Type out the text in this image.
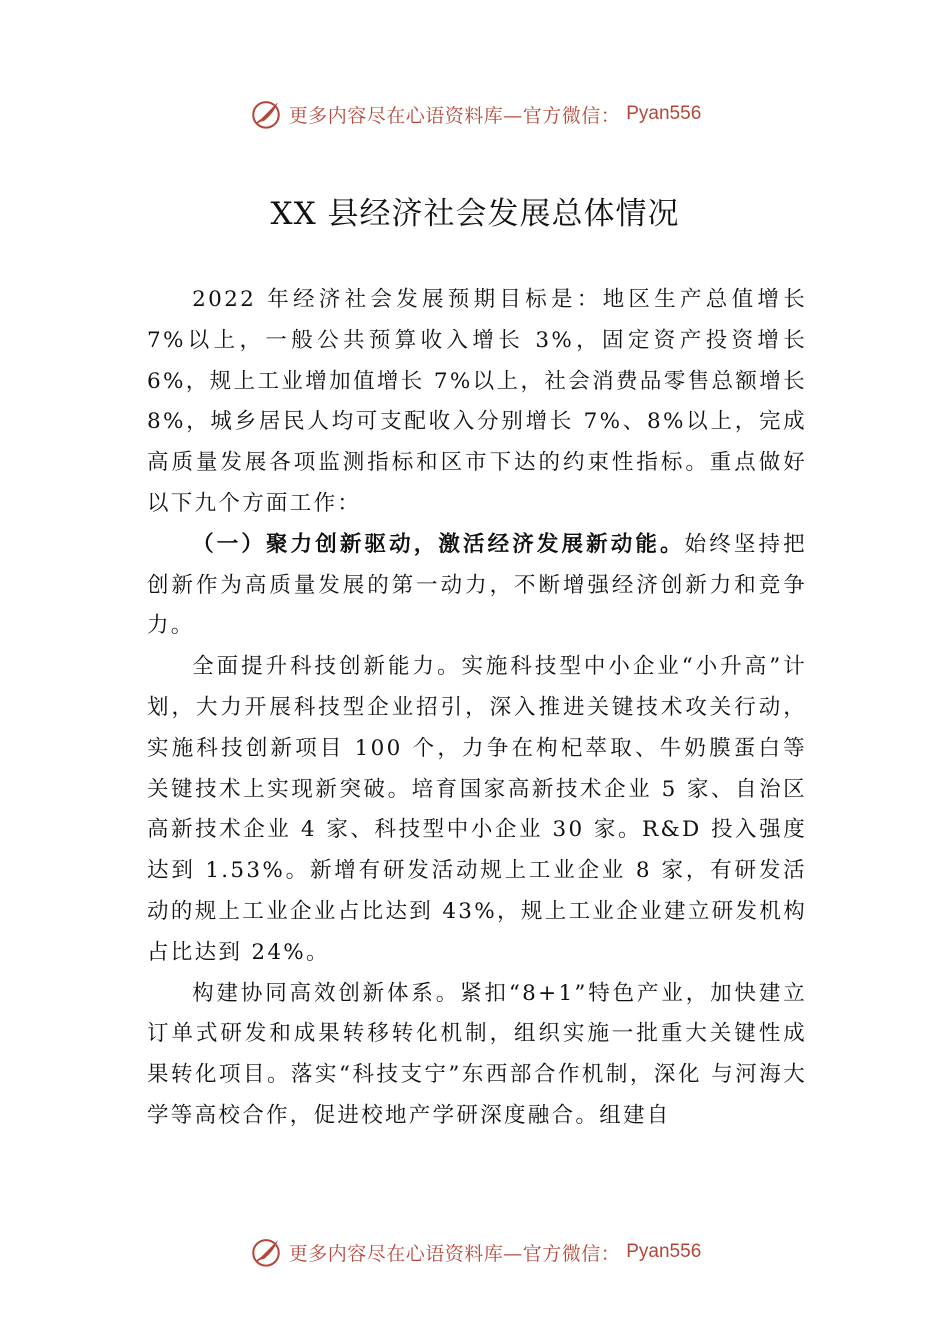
更多内容尽在心语资料库—官方微信： Pyan556
XX 县经济社会发展总体情况

2022 年经济社会发展预期目标是：地区生产总值增长 7%以上，一般公共预算收入增长 3%，固定资产投资增长 6%，规上工业增加值增长 7%以上，社会消费品零售总额增长 8%，城乡居民人均可支配收入分别增长 7%、8%以上，完成高质量发展各项监测指标和区市下达的约束性指标。重点做好以下九个方面工作：

（一）聚力创新驱动，激活经济发展新动能。始终坚持把创新作为高质量发展的第一动力，不断增强经济创新力和竞争力。

全面提升科技创新能力。实施科技型中小企业“小升高”计划，大力开展科技型企业招引，深入推进关键技术攻关行动，实施科技创新项目 100 个，力争在枸杞萃取、牛奶膜蛋白等关键技术上实现新突破。培育国家高新技术企业 5 家、自治区高新技术企业 4 家、科技型中小企业 30 家。R&D 投入强度达到 1.53%。新增有研发活动规上工业企业 8 家，有研发活动的规上工业企业占比达到 43%，规上工业企业建立研发机构占比达到 24%。

构建协同高效创新体系。紧扣“8+1”特色产业，加快建立订单式研发和成果转移转化机制，组织实施一批重大关键性成果转化项目。落实“科技支宁”东西部合作机制，深化 与河海大学等高校合作，促进校地产学研深度融合。组建自

更多内容尽在心语资料库—官方微信： Pyan556
